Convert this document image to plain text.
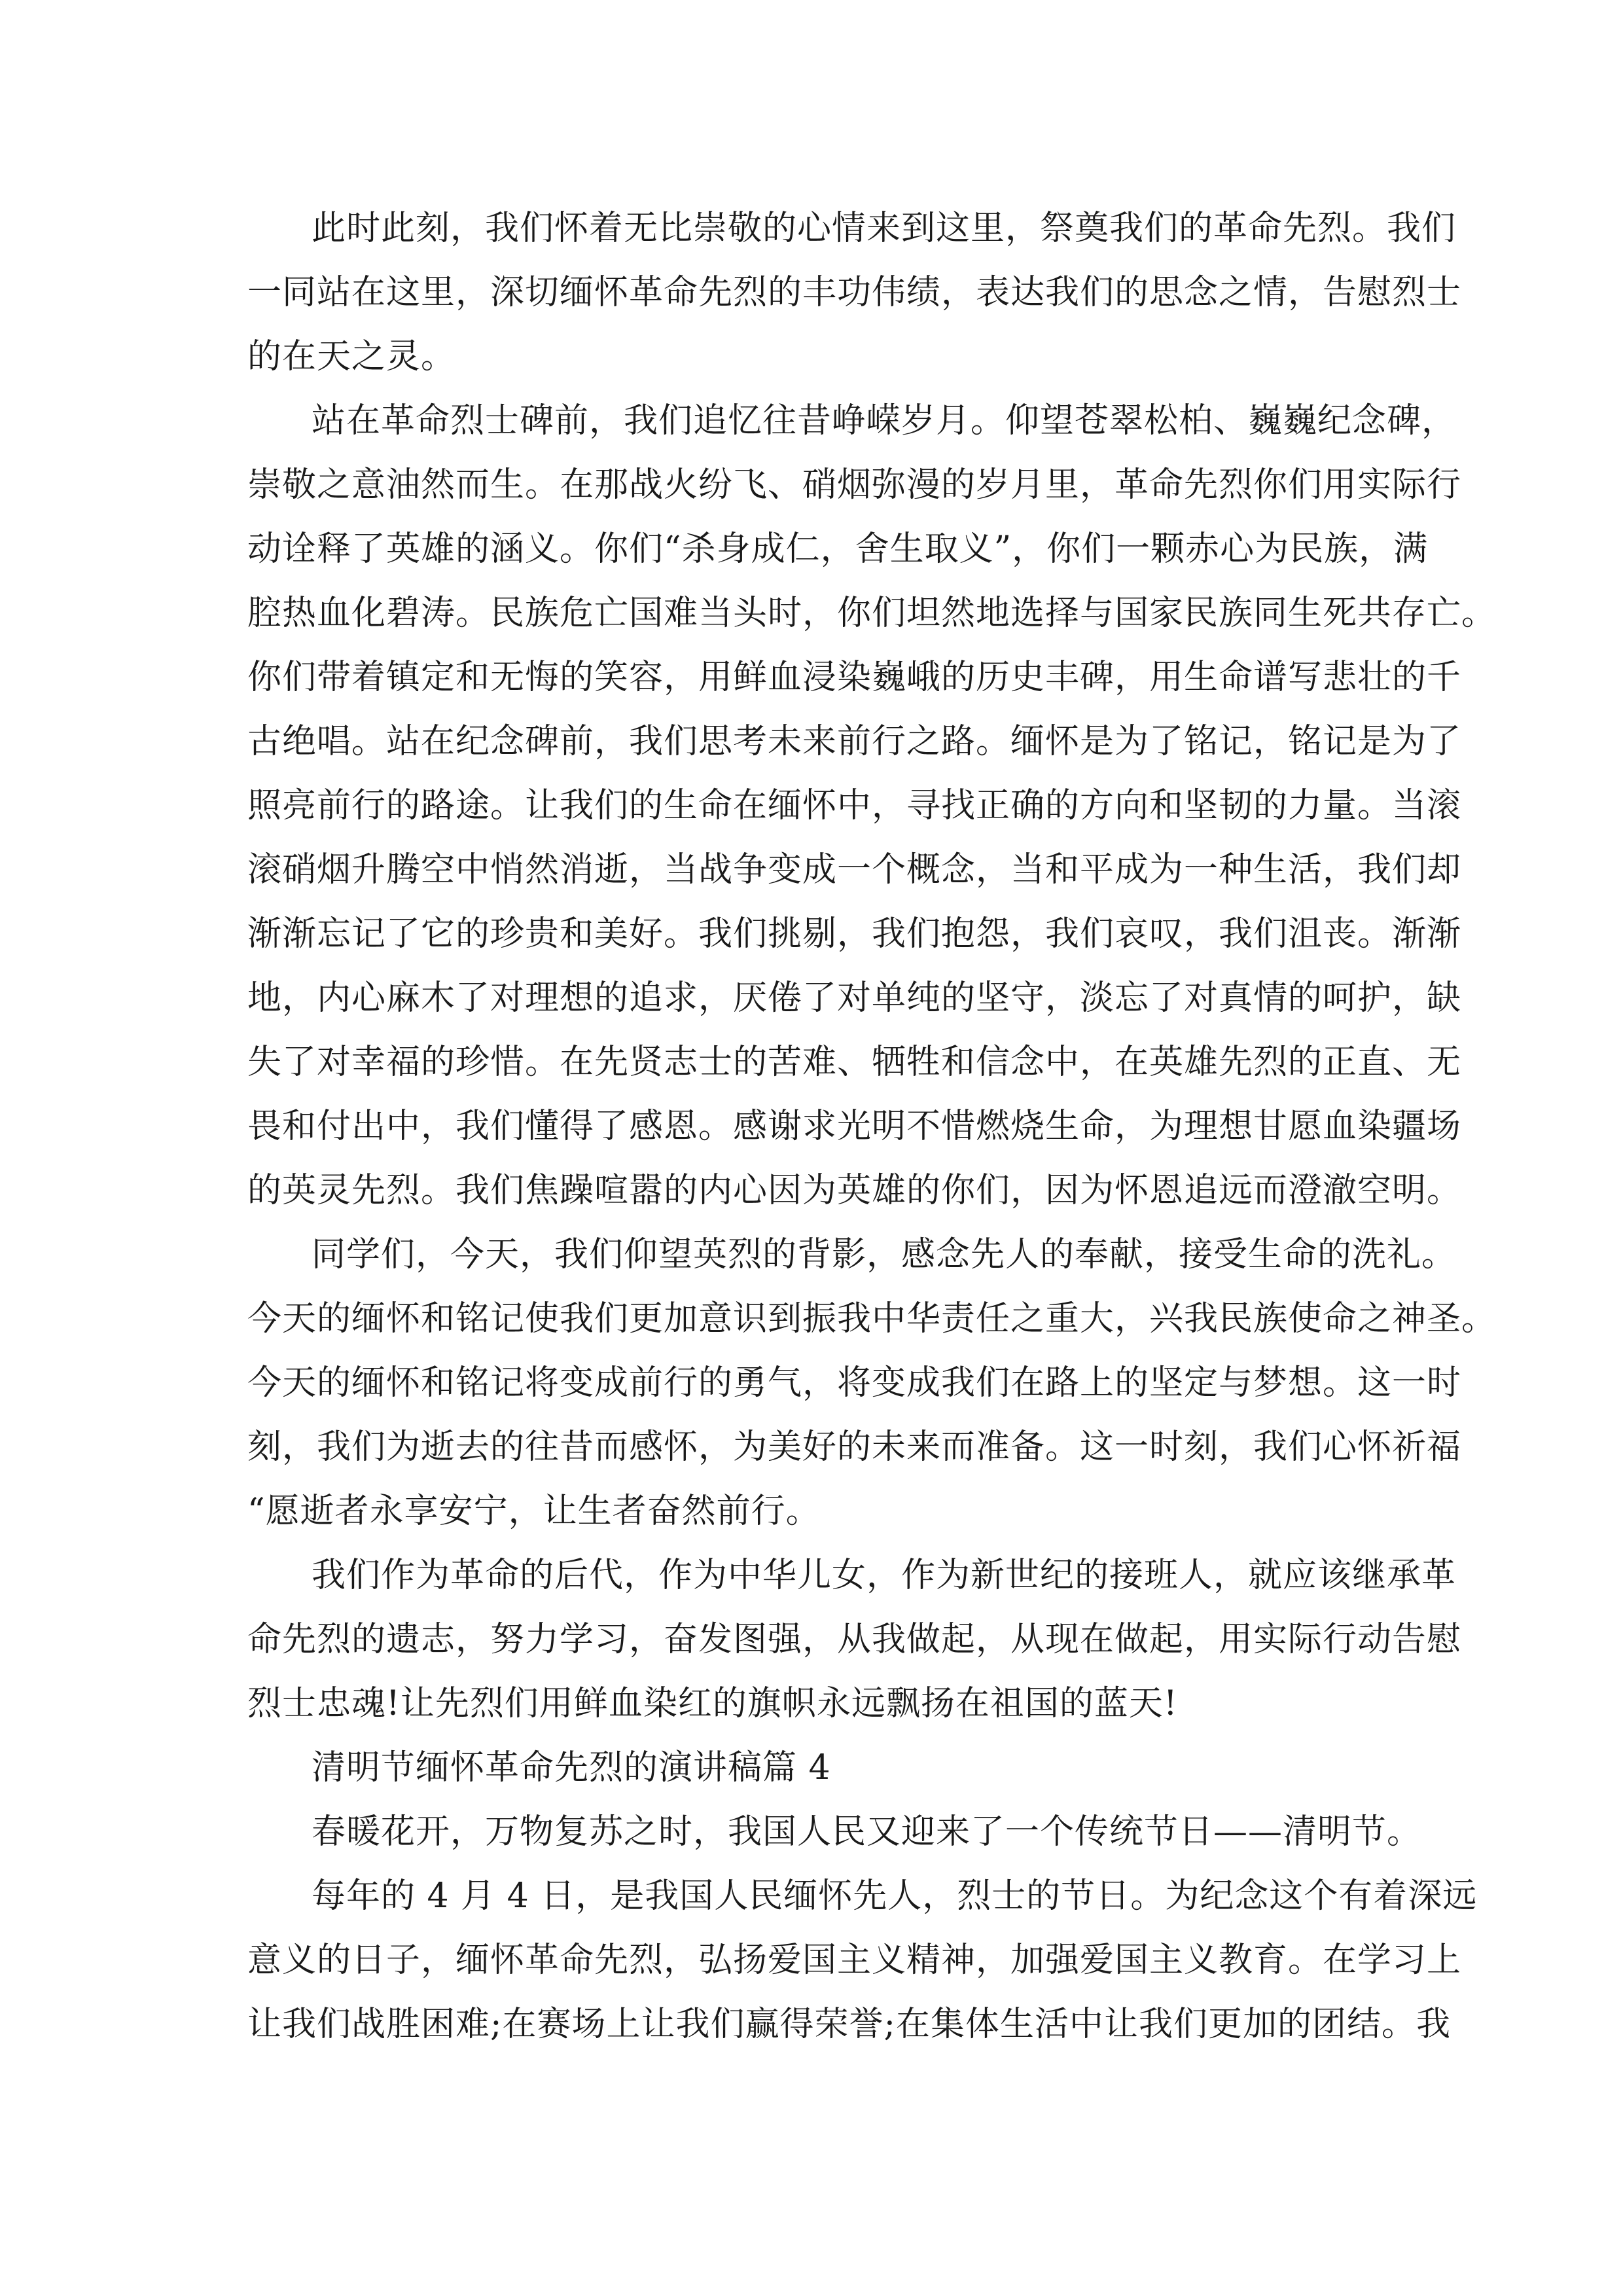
此时此刻，我们怀着无比崇敬的心情来到这里，祭奠我们的革命先烈。我们
一同站在这里，深切缅怀革命先烈的丰功伟绩，表达我们的思念之情，告慰烈士
的在天之灵。
站在革命烈士碑前，我们追忆往昔峥嵘岁月。仰望苍翠松柏、巍巍纪念碑，
崇敬之意油然而生。在那战火纷飞、硝烟弥漫的岁月里，革命先烈你们用实际行
动诠释了英雄的涵义。你们“杀身成仁，舍生取义”，你们一颗赤心为民族，满
腔热血化碧涛。民族危亡国难当头时，你们坦然地选择与国家民族同生死共存亡。
你们带着镇定和无悔的笑容，用鲜血浸染巍峨的历史丰碑，用生命谱写悲壮的千
古绝唱。站在纪念碑前，我们思考未来前行之路。缅怀是为了铭记，铭记是为了
照亮前行的路途。让我们的生命在缅怀中，寻找正确的方向和坚韧的力量。当滚
滚硝烟升腾空中悄然消逝，当战争变成一个概念，当和平成为一种生活，我们却
渐渐忘记了它的珍贵和美好。我们挑剔，我们抱怨，我们哀叹，我们沮丧。渐渐
地，内心麻木了对理想的追求，厌倦了对单纯的坚守，淡忘了对真情的呵护，缺
失了对幸福的珍惜。在先贤志士的苦难、牺牲和信念中，在英雄先烈的正直、无
畏和付出中，我们懂得了感恩。感谢求光明不惜燃烧生命，为理想甘愿血染疆场
的英灵先烈。我们焦躁喧嚣的内心因为英雄的你们，因为怀恩追远而澄澈空明。
同学们，今天，我们仰望英烈的背影，感念先人的奉献，接受生命的洗礼。
今天的缅怀和铭记使我们更加意识到振我中华责任之重大，兴我民族使命之神圣。
今天的缅怀和铭记将变成前行的勇气，将变成我们在路上的坚定与梦想。这一时
刻，我们为逝去的往昔而感怀，为美好的未来而准备。这一时刻，我们心怀祈福
“愿逝者永享安宁，让生者奋然前行。
我们作为革命的后代，作为中华儿女，作为新世纪的接班人，就应该继承革
命先烈的遗志，努力学习，奋发图强，从我做起，从现在做起，用实际行动告慰
烈士忠魂!让先烈们用鲜血染红的旗帜永远飘扬在祖国的蓝天!
清明节缅怀革命先烈的演讲稿篇 4
春暖花开，万物复苏之时，我国人民又迎来了一个传统节日——清明节。
每年的 4 月 4 日，是我国人民缅怀先人，烈士的节日。为纪念这个有着深远
意义的日子，缅怀革命先烈，弘扬爱国主义精神，加强爱国主义教育。在学习上
让我们战胜困难;在赛场上让我们赢得荣誉;在集体生活中让我们更加的团结。我
